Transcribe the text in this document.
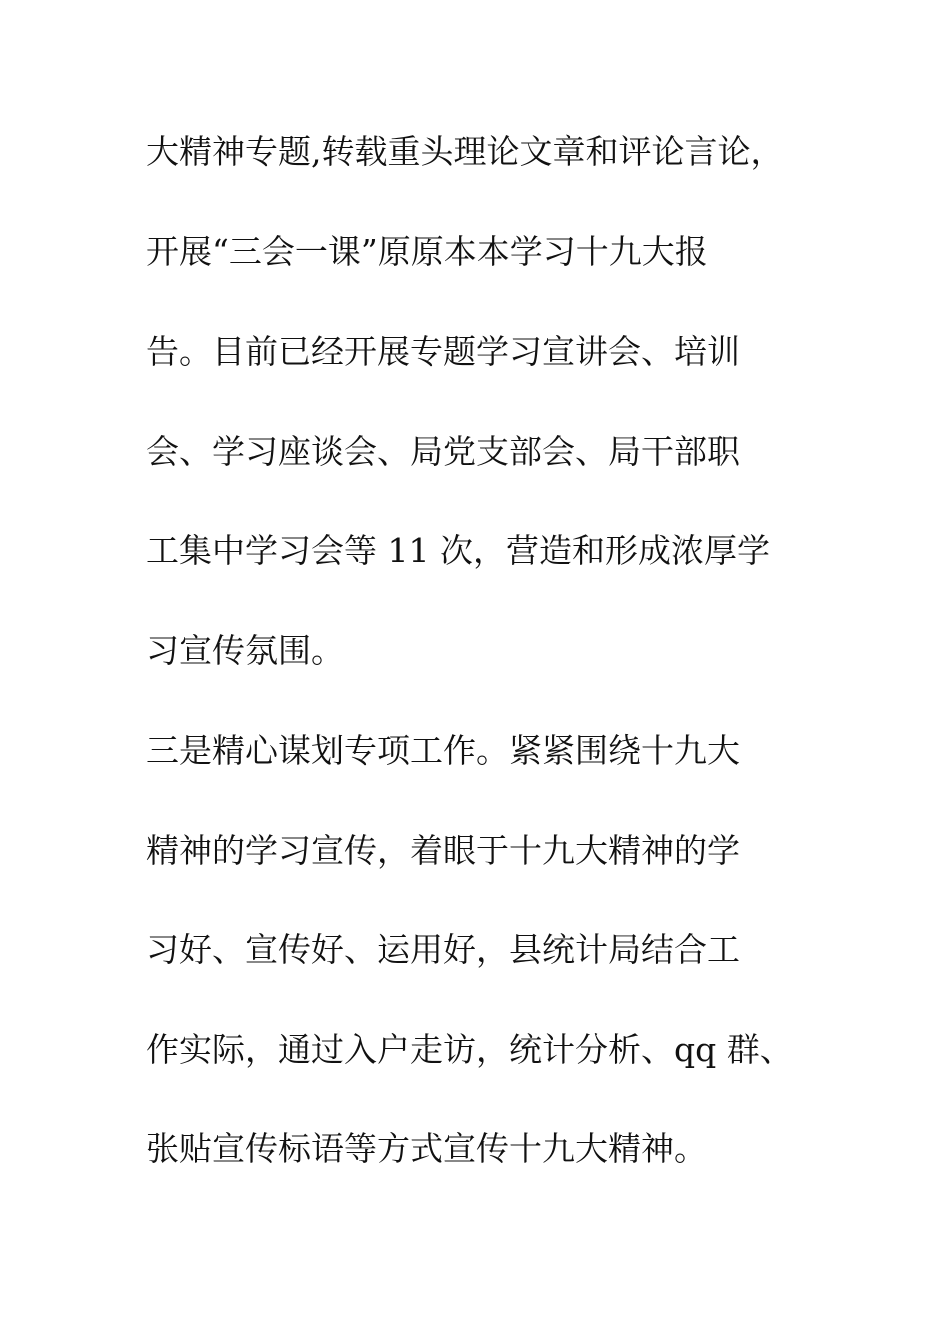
大精神专题,转载重头理论文章和评论言论，
开展“三会一课”原原本本学习十九大报
告。目前已经开展专题学习宣讲会、培训
会、学习座谈会、局党支部会、局干部职
工集中学习会等 11 次，营造和形成浓厚学
习宣传氛围。
三是精心谋划专项工作。紧紧围绕十九大
精神的学习宣传，着眼于十九大精神的学
习好、宣传好、运用好，县统计局结合工
作实际，通过入户走访，统计分析、qq 群、
张贴宣传标语等方式宣传十九大精神。
